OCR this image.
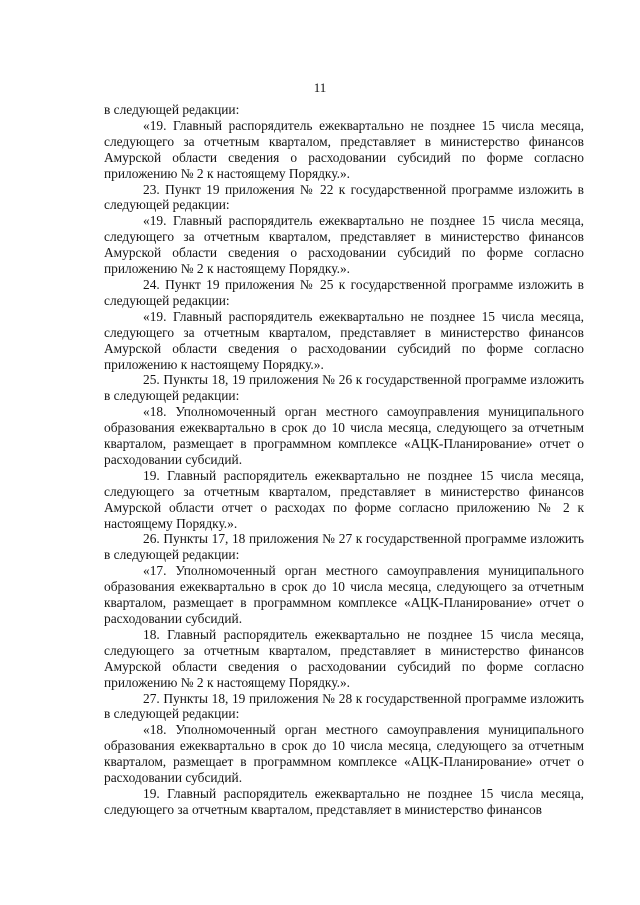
11

в следующей редакции:

«19. Главный распорядитель ежеквартально не позднее 15 числа месяца, следующего за отчетным кварталом, представляет в министерство финансов Амурской области сведения о расходовании субсидий по форме согласно приложению № 2 к настоящему Порядку.».

23. Пункт 19 приложения № 22 к государственной программе изложить в следующей редакции:

«19. Главный распорядитель ежеквартально не позднее 15 числа месяца, следующего за отчетным кварталом, представляет в министерство финансов Амурской области сведения о расходовании субсидий по форме согласно приложению № 2 к настоящему Порядку.».

24. Пункт 19 приложения № 25 к государственной программе изложить в следующей редакции:

«19. Главный распорядитель ежеквартально не позднее 15 числа месяца, следующего за отчетным кварталом, представляет в министерство финансов Амурской области сведения о расходовании субсидий по форме согласно приложению к настоящему Порядку.».

25. Пункты 18, 19 приложения № 26 к государственной программе изложить в следующей редакции:

«18. Уполномоченный орган местного самоуправления муниципального образования ежеквартально в срок до 10 числа месяца, следующего за отчетным кварталом, размещает в программном комплексе «АЦК-Планирование» отчет о расходовании субсидий.

19. Главный распорядитель ежеквартально не позднее 15 числа месяца, следующего за отчетным кварталом, представляет в министерство финансов Амурской области отчет о расходах по форме согласно приложению № 2 к настоящему Порядку.».

26. Пункты 17, 18 приложения № 27 к государственной программе изложить в следующей редакции:

«17. Уполномоченный орган местного самоуправления муниципального образования ежеквартально в срок до 10 числа месяца, следующего за отчетным кварталом, размещает в программном комплексе «АЦК-Планирование» отчет о расходовании субсидий.

18. Главный распорядитель ежеквартально не позднее 15 числа месяца, следующего за отчетным кварталом, представляет в министерство финансов Амурской области сведения о расходовании субсидий по форме согласно приложению № 2 к настоящему Порядку.».

27. Пункты 18, 19 приложения № 28 к государственной программе изложить в следующей редакции:

«18. Уполномоченный орган местного самоуправления муниципального образования ежеквартально в срок до 10 числа месяца, следующего за отчетным кварталом, размещает в программном комплексе «АЦК-Планирование» отчет о расходовании субсидий.

19. Главный распорядитель ежеквартально не позднее 15 числа месяца, следующего за отчетным кварталом, представляет в министерство финансов
